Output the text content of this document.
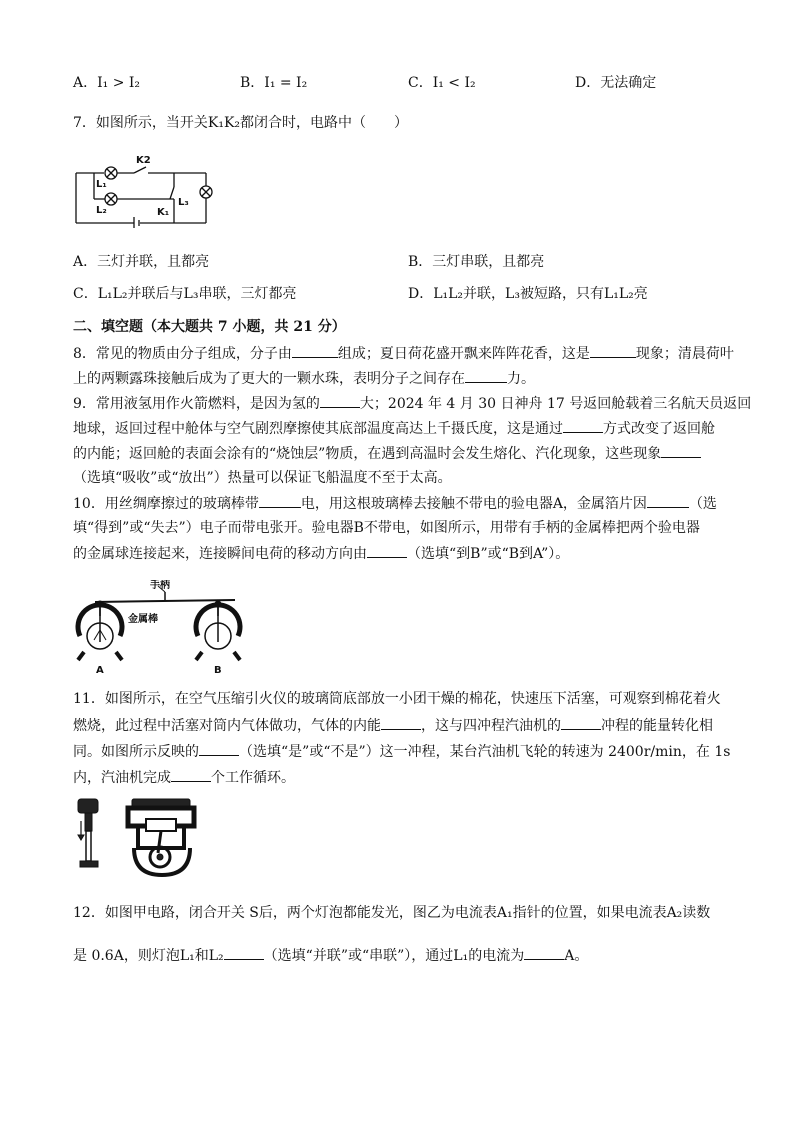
A．I₁ > I₂	B．I₁ = I₂	C．I₁ < I₂	D．无法确定
7．如图所示，当开关K₁K₂都闭合时，电路中（　　）
K2
L₁
L₂	K₁
L₃
A．三灯并联，且都亮	B．三灯串联，且都亮
C．L₁L₂并联后与L₃串联，三灯都亮	D．L₁L₂并联，L₃被短路，只有L₁L₂亮
二、填空题（本大题共 7 小题，共 21 分）
8．常见的物质由分子组成，分子由	组成；夏日荷花盛开飘来阵阵花香，这是	现象；清晨荷叶
上的两颗露珠接触后成为了更大的一颗水珠，表明分子之间存在	力。
9．常用液氢用作火箭燃料，是因为氢的	大；2024 年 4 月 30 日神舟 17 号返回舱载着三名航天员返回
地球，返回过程中舱体与空气剧烈摩擦使其底部温度高达上千摄氏度，这是通过	方式改变了返回舱
的内能；返回舱的表面会涂有的“烧蚀层”物质，在遇到高温时会发生熔化、汽化现象，这些现象
（选填“吸收”或“放出”）热量可以保证飞船温度不至于太高。
10．用丝绸摩擦过的玻璃棒带	电，用这根玻璃棒去接触不带电的验电器A，金属箔片因	（选
填“得到”或“失去”）电子而带电张开。验电器B不带电，如图所示，用带有手柄的金属棒把两个验电器
的金属球连接起来，连接瞬间电荷的移动方向由	（选填“到B”或“B到A”）。
手柄
金属棒
A	B
11．如图所示，在空气压缩引火仪的玻璃筒底部放一小团干燥的棉花，快速压下活塞，可观察到棉花着火
燃烧，此过程中活塞对筒内气体做功，气体的内能	，这与四冲程汽油机的	冲程的能量转化相
同。如图所示反映的	（选填“是”或“不是”）这一冲程，某台汽油机飞轮的转速为 2400r/min，在 1s
内，汽油机完成	个工作循环。
12．如图甲电路，闭合开关 S后，两个灯泡都能发光，图乙为电流表A₁指针的位置，如果电流表A₂读数
是 0.6A，则灯泡L₁和L₂	（选填“并联”或“串联”），通过L₁的电流为	A。
